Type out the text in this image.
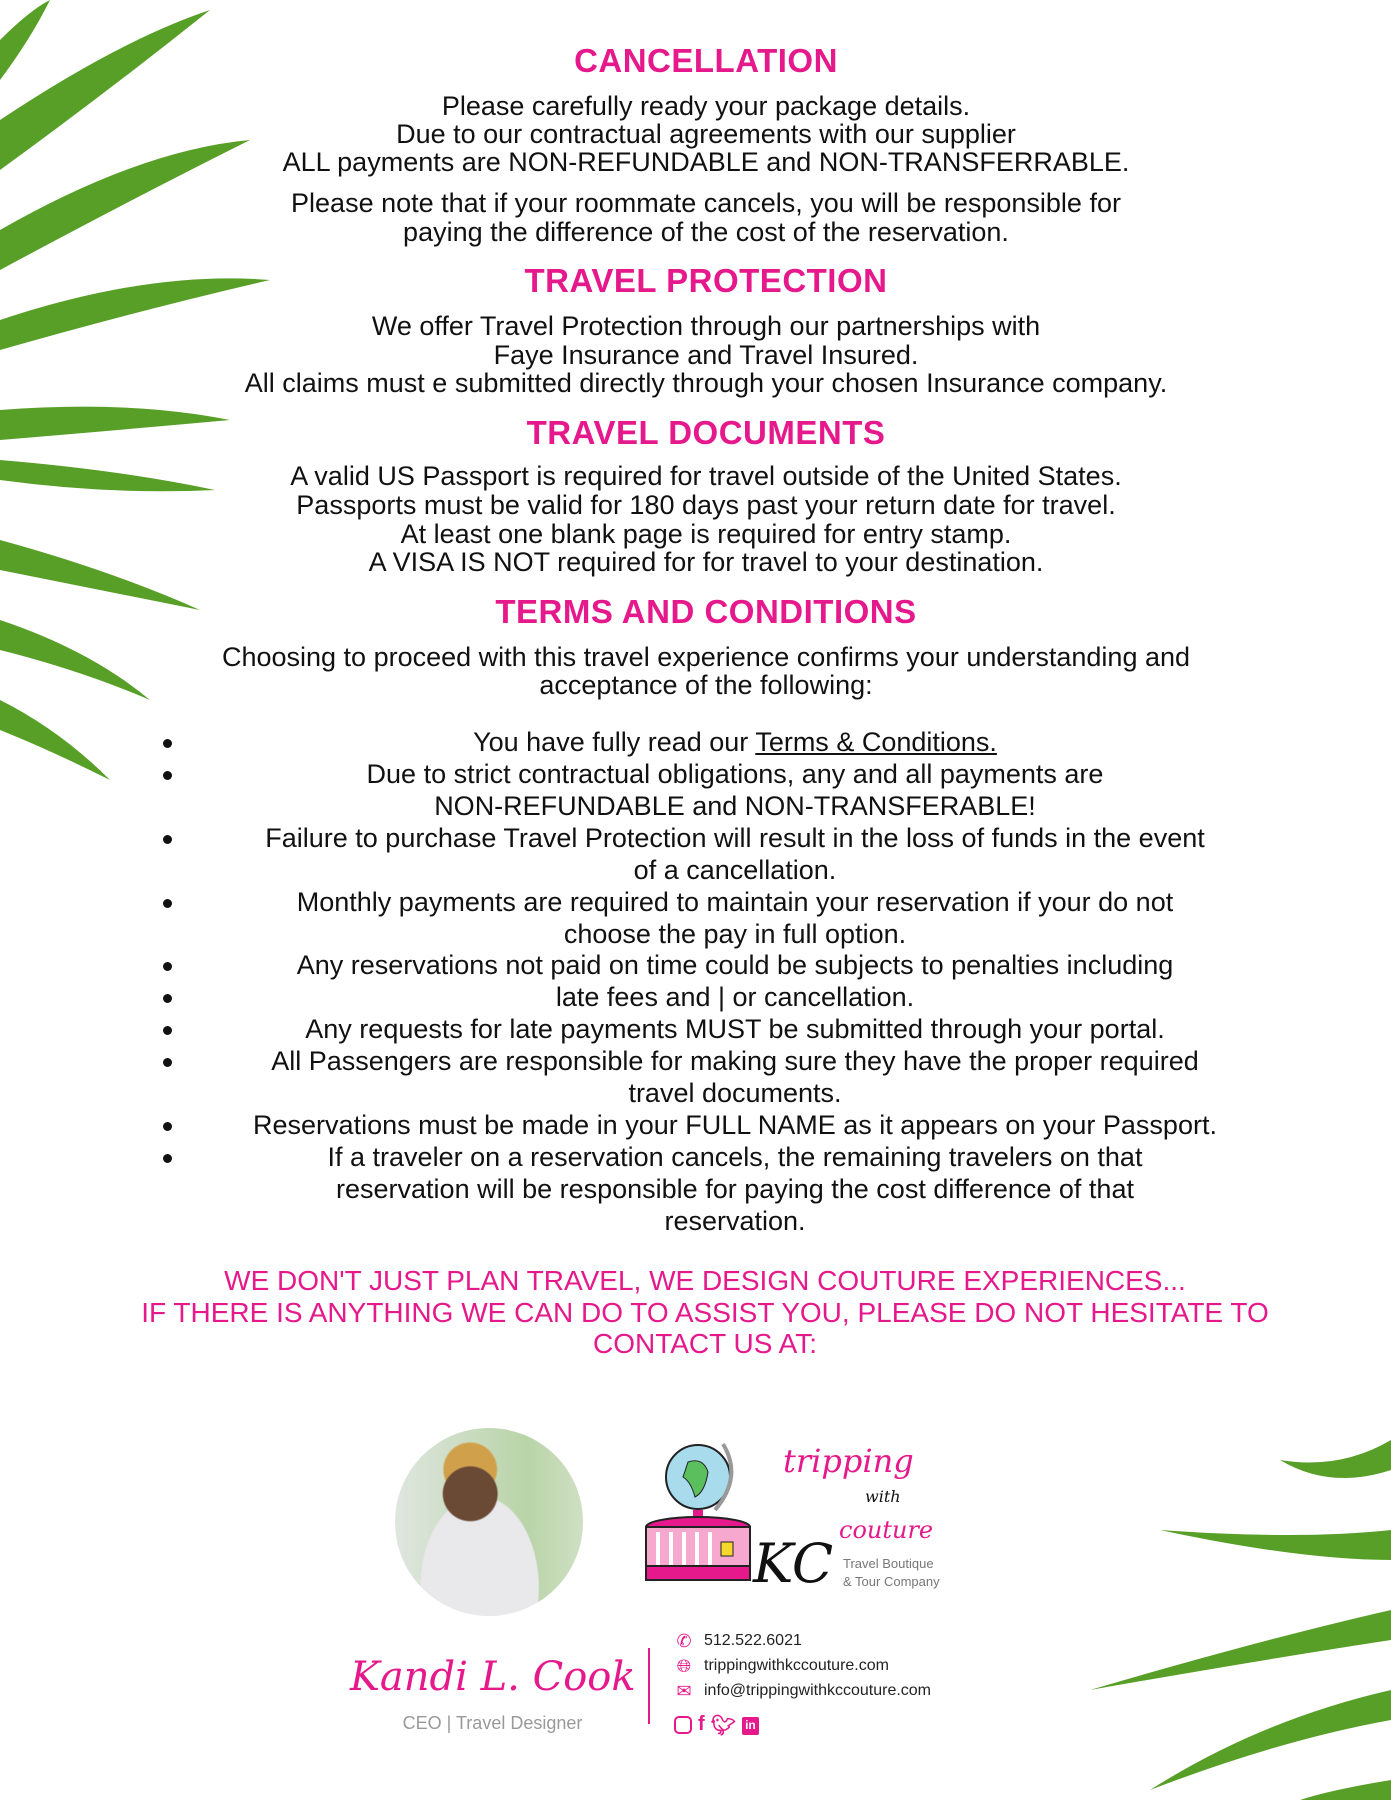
CANCELLATION
Please carefully ready your package details.
Due to our contractual agreements with our supplier
ALL payments are NON-REFUNDABLE and NON-TRANSFERRABLE.
Please note that if your roommate cancels, you will be responsible for
paying the difference of the cost of the reservation.
TRAVEL PROTECTION
We offer Travel Protection through our partnerships with
Faye Insurance and Travel Insured.
All claims must e submitted directly through your chosen Insurance company.
TRAVEL DOCUMENTS
A valid US Passport is required for travel outside of the United States.
Passports must be valid for 180 days past your return date for travel.
At least one blank page is required for entry stamp.
A VISA IS NOT required for for travel to your destination.
TERMS AND CONDITIONS
Choosing to proceed with this travel experience confirms your understanding and
acceptance of the following:
You have fully read our Terms & Conditions.
Due to strict contractual obligations, any and all payments are
NON-REFUNDABLE and NON-TRANSFERABLE!
Failure to purchase Travel Protection will result in the loss of funds in the event
of a cancellation.
Monthly payments are required to maintain your reservation if your do not
choose the pay in full option.
Any reservations not paid on time could be subjects to penalties including
late fees and | or cancellation.
Any requests for late payments MUST be submitted through your portal.
All Passengers are responsible for making sure they have the proper required
travel documents.
Reservations must be made in your FULL NAME as it appears on your Passport.
If a traveler on a reservation cancels, the remaining travelers on that
reservation will be responsible for paying the cost difference of that
reservation.
WE DON'T JUST PLAN TRAVEL, WE DESIGN COUTURE EXPERIENCES...
IF THERE IS ANYTHING WE CAN DO TO ASSIST YOU, PLEASE DO NOT HESITATE TO
CONTACT US AT:
tripping
with
KC
couture
Travel Boutique
& Tour Company
Kandi L. Cook
CEO | Travel Designer
✆ 512.522.6021
🌐︎ trippingwithkccouture.com
✉ info@trippingwithkccouture.com
f 🐦︎ in
